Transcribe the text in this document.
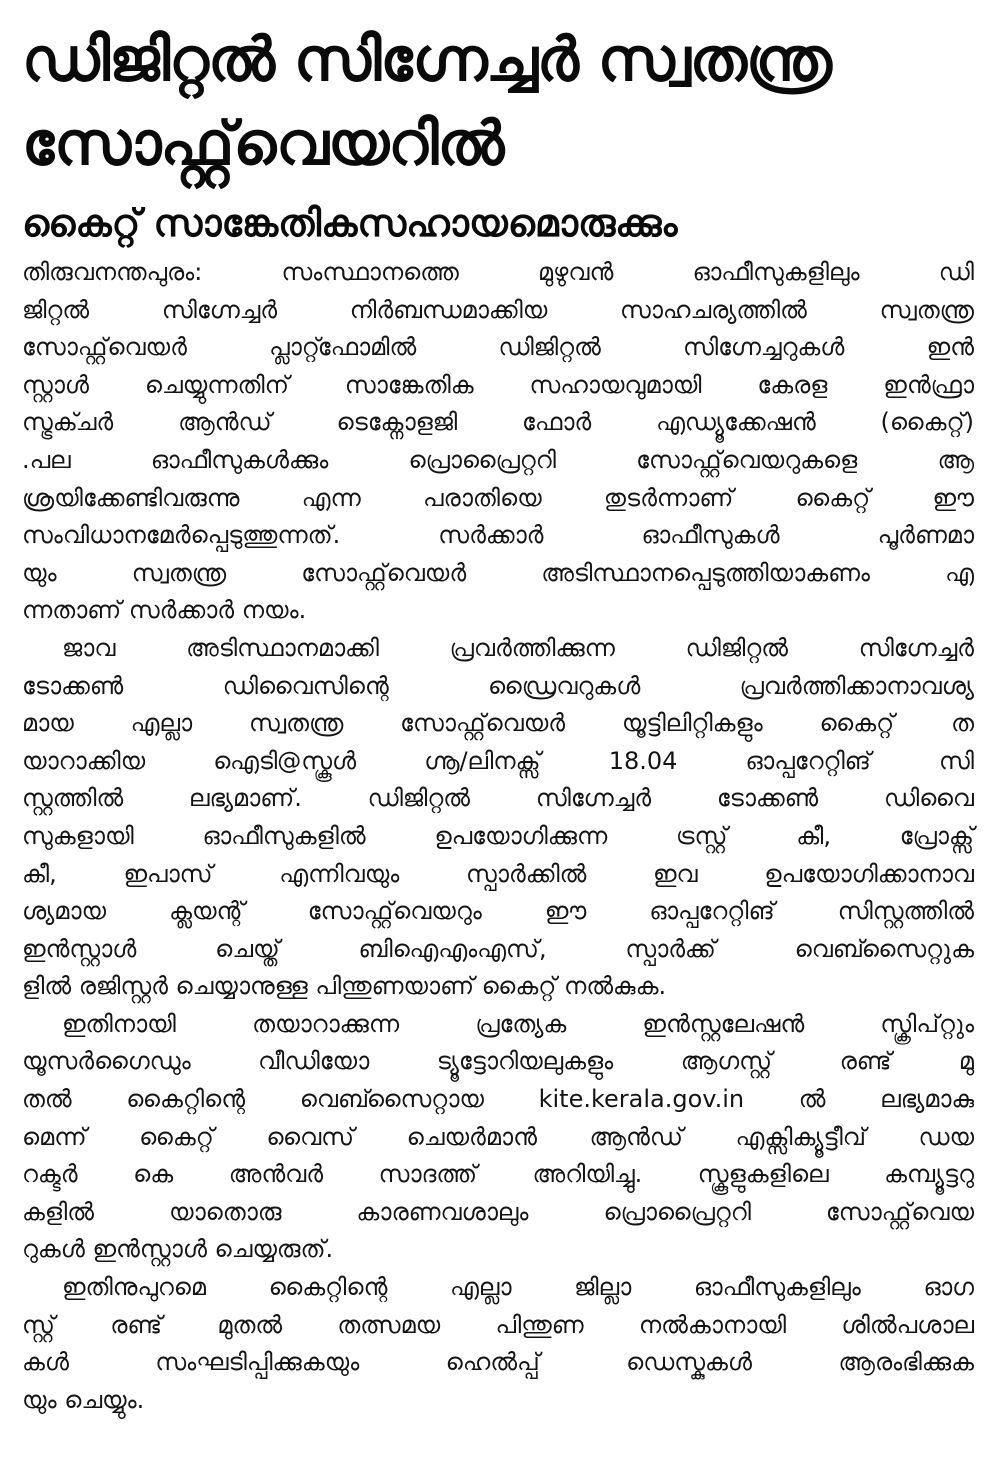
ഡിജിറ്റൽ സിഗ്നേച്ചർ സ്വതന്ത്ര
സോഫ്റ്റ്‌വെയറിൽ
കൈറ്റ് സാങ്കേതികസഹായമൊരുക്കും

തിരുവനന്തപുരം: സംസ്ഥാനത്തെ മുഴുവൻ ഓഫീസുകളിലും ഡി
ജിറ്റൽ സിഗ്നേച്ചർ നിർബന്ധമാക്കിയ സാഹചര്യത്തിൽ സ്വതന്ത്ര
സോഫ്റ്റ്‌വെയർ പ്ലാറ്റ്ഫോമിൽ ഡിജിറ്റൽ സിഗ്നേച്ചറുകൾ ഇൻ
സ്റ്റാൾ ചെയ്യുന്നതിന് സാങ്കേതിക സഹായവുമായി കേരള ഇൻഫ്രാ
സ്ട്രക്ചർ ആൻഡ് ടെക്നോളജി ഫോർ എഡ്യൂക്കേഷൻ (കൈറ്റ്)
.പല ഓഫീസുകൾക്കും പ്രൊപ്രൈറ്ററി സോഫ്റ്റ്‌വെയറുകളെ ആ
ശ്രയിക്കേണ്ടിവരുന്നു എന്ന പരാതിയെ തുടർന്നാണ് കൈറ്റ് ഈ
സംവിധാനമേർപ്പെടുത്തുന്നത്. സർക്കാർ ഓഫീസുകൾ പൂർണമാ
യും സ്വതന്ത്ര സോഫ്റ്റ്‌വെയർ അടിസ്ഥാനപ്പെടുത്തിയാകണം എ
ന്നതാണ് സർക്കാർ നയം.

ജാവ അടിസ്ഥാനമാക്കി പ്രവർത്തിക്കുന്ന ഡിജിറ്റൽ സിഗ്നേച്ചർ
ടോക്കൺ ഡിവൈസിന്റെ ഡ്രൈവറുകൾ പ്രവർത്തിക്കാനാവശ്യ
മായ എല്ലാ സ്വതന്ത്ര സോഫ്റ്റ്‌വെയർ യൂട്ടിലിറ്റികളും കൈറ്റ് ത
യാറാക്കിയ ഐടി@സ്കൂൾ ഗ്നൂ/ലിനക്സ് 18.04 ഓപ്പറേറ്റിങ് സി
സ്റ്റത്തിൽ ലഭ്യമാണ്. ഡിജിറ്റൽ സിഗ്നേച്ചർ ടോക്കൺ ഡിവൈ
സുകളായി ഓഫീസുകളിൽ ഉപയോഗിക്കുന്ന ട്രസ്റ്റ് കീ, പ്രോക്സ്
കീ, ഇപാസ് എന്നിവയും സ്പാർക്കിൽ ഇവ ഉപയോഗിക്കാനാവ
ശ്യമായ ക്ലയന്റ് സോഫ്റ്റ്‌വെയറും ഈ ഓപ്പറേറ്റിങ് സിസ്റ്റത്തിൽ
ഇൻസ്റ്റാൾ ചെയ്ത് ബിഐഎംഎസ്, സ്പാർക്ക് വെബ്സൈറ്റുക
ളിൽ രജിസ്റ്റർ ചെയ്യാനുള്ള പിന്തുണയാണ് കൈറ്റ് നൽകുക.

ഇതിനായി തയാറാക്കുന്ന പ്രത്യേക ഇൻസ്റ്റലേഷൻ സ്ക്രിപ്റ്റും
യൂസർഗൈഡും വീഡിയോ ട്യൂട്ടോറിയലുകളും ആഗസ്റ്റ് രണ്ട് മു
തൽ കൈറ്റിന്റെ വെബ്സൈറ്റായ kite.kerala.gov.in ൽ ലഭ്യമാകു
മെന്ന് കൈറ്റ് വൈസ് ചെയർമാൻ ആൻഡ് എക്സിക്യൂട്ടീവ് ഡയ
റക്ടർ കെ അൻവർ സാദത്ത് അറിയിച്ചു. സ്കൂളുകളിലെ കമ്പ്യൂട്ടറു
കളിൽ യാതൊരു കാരണവശാലും പ്രൊപ്രൈറ്ററി സോഫ്റ്റ്‌വെയ
റുകൾ ഇൻസ്റ്റാൾ ചെയ്യരുത്.

ഇതിനുപുറമെ കൈറ്റിന്റെ എല്ലാ ജില്ലാ ഓഫീസുകളിലും ഓഗ
സ്റ്റ് രണ്ട് മുതൽ തത്സമയ പിന്തുണ നൽകാനായി ശിൽപശാല
കൾ സംഘടിപ്പിക്കുകയും ഹെൽപ്പ് ഡെസ്കുകൾ ആരംഭിക്കുക
യും ചെയ്യും.
